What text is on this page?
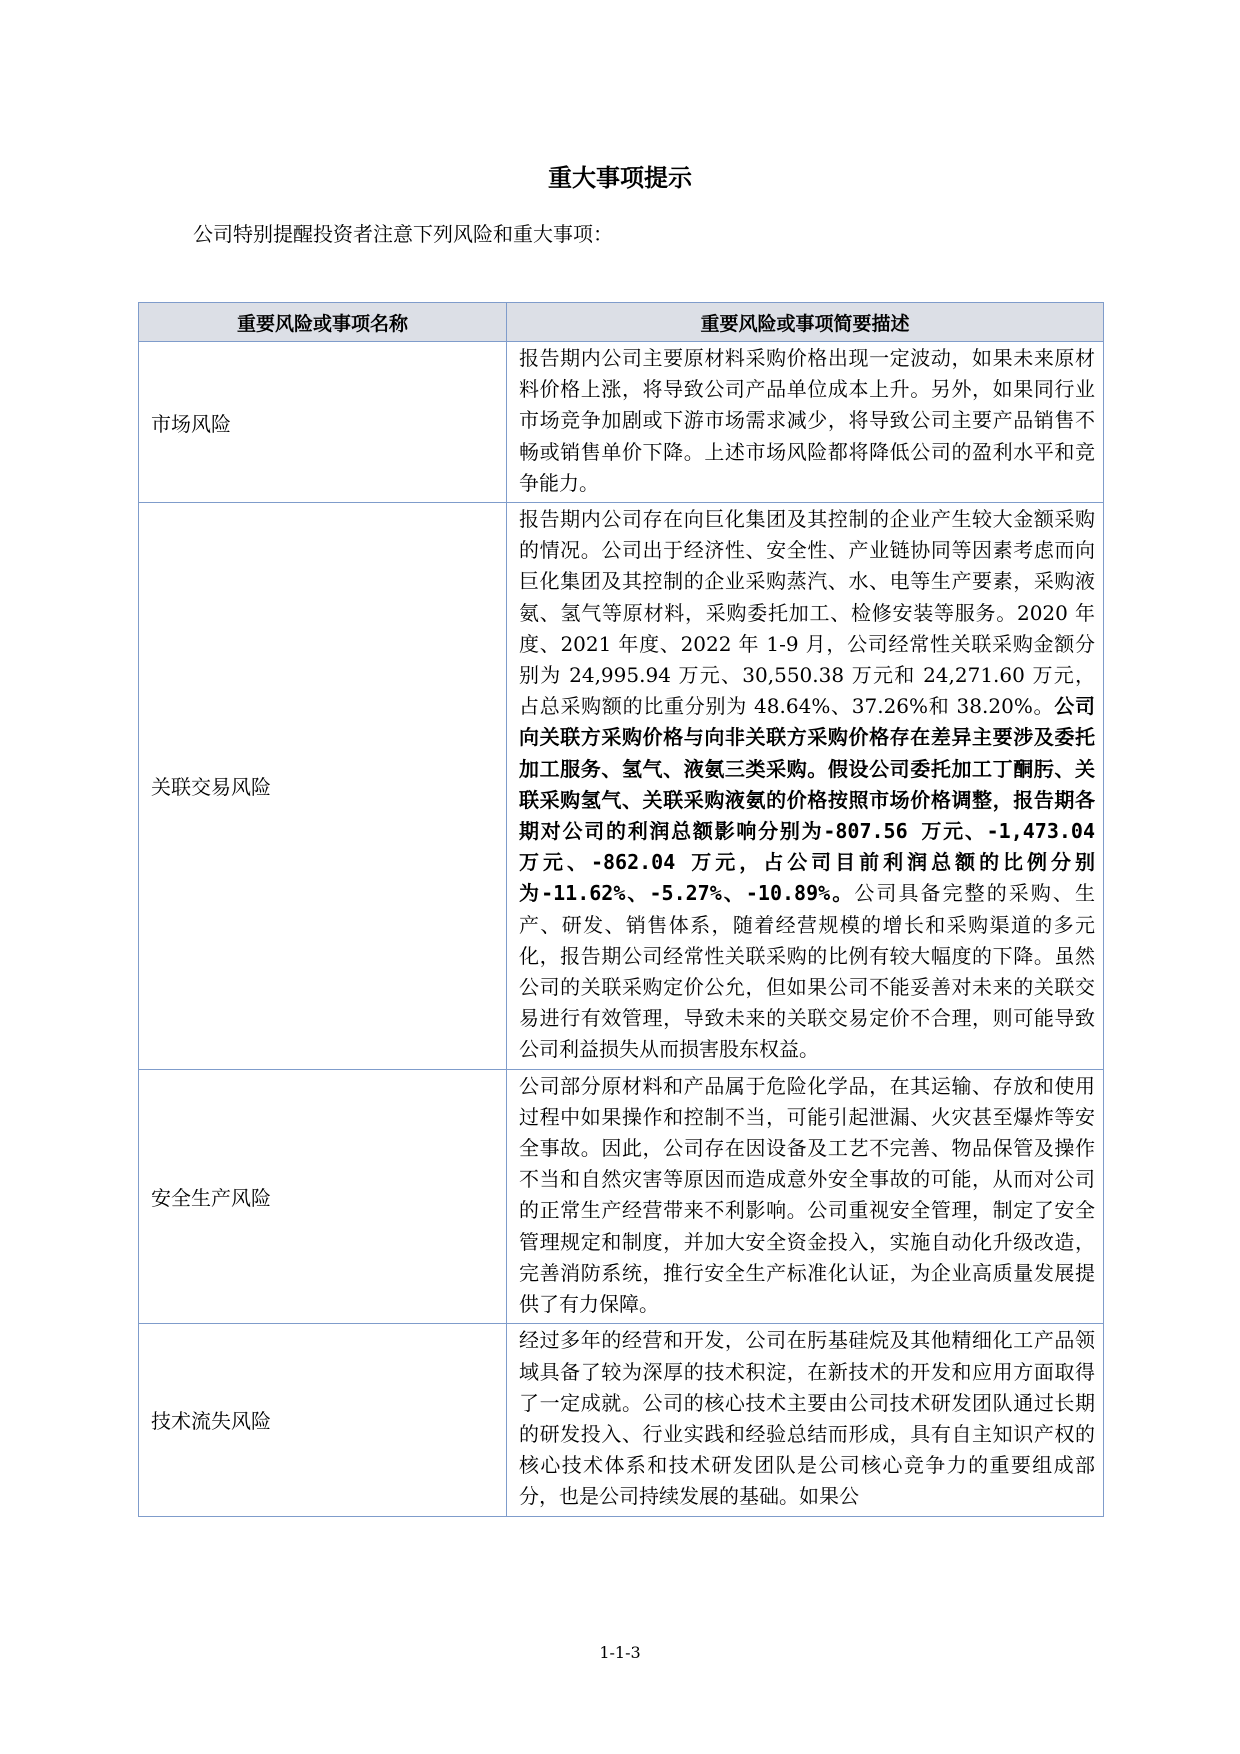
重大事项提示
公司特别提醒投资者注意下列风险和重大事项：
重要风险或事项名称	重要风险或事项简要描述
市场风险	报告期内公司主要原材料采购价格出现一定波动，如果未来原材料价格上涨，将导致公司产品单位成本上升。另外，如果同行业市场竞争加剧或下游市场需求减少，将导致公司主要产品销售不畅或销售单价下降。上述市场风险都将降低公司的盈利水平和竞争能力。
关联交易风险	报告期内公司存在向巨化集团及其控制的企业产生较大金额采购的情况。公司出于经济性、安全性、产业链协同等因素考虑而向巨化集团及其控制的企业采购蒸汽、水、电等生产要素，采购液氨、氢气等原材料，采购委托加工、检修安装等服务。2020 年度、2021 年度、2022 年 1-9 月，公司经常性关联采购金额分别为 24,995.94 万元、30,550.38 万元和 24,271.60 万元，占总采购额的比重分别为 48.64%、37.26%和 38.20%。公司向关联方采购价格与向非关联方采购价格存在差异主要涉及委托加工服务、氢气、液氨三类采购。假设公司委托加工丁酮肟、关联采购氢气、关联采购液氨的价格按照市场价格调整，报告期各期对公司的利润总额影响分别为-807.56 万元、-1,473.04 万元、-862.04 万元，占公司目前利润总额的比例分别为-11.62%、-5.27%、-10.89%。公司具备完整的采购、生产、研发、销售体系，随着经营规模的增长和采购渠道的多元化，报告期公司经常性关联采购的比例有较大幅度的下降。虽然公司的关联采购定价公允，但如果公司不能妥善对未来的关联交易进行有效管理，导致未来的关联交易定价不合理，则可能导致公司利益损失从而损害股东权益。
安全生产风险	公司部分原材料和产品属于危险化学品，在其运输、存放和使用过程中如果操作和控制不当，可能引起泄漏、火灾甚至爆炸等安全事故。因此，公司存在因设备及工艺不完善、物品保管及操作不当和自然灾害等原因而造成意外安全事故的可能，从而对公司的正常生产经营带来不利影响。公司重视安全管理，制定了安全管理规定和制度，并加大安全资金投入，实施自动化升级改造，完善消防系统，推行安全生产标准化认证，为企业高质量发展提供了有力保障。
技术流失风险	经过多年的经营和开发，公司在肟基硅烷及其他精细化工产品领域具备了较为深厚的技术积淀，在新技术的开发和应用方面取得了一定成就。公司的核心技术主要由公司技术研发团队通过长期的研发投入、行业实践和经验总结而形成，具有自主知识产权的核心技术体系和技术研发团队是公司核心竞争力的重要组成部分，也是公司持续发展的基础。如果公
1-1-3
